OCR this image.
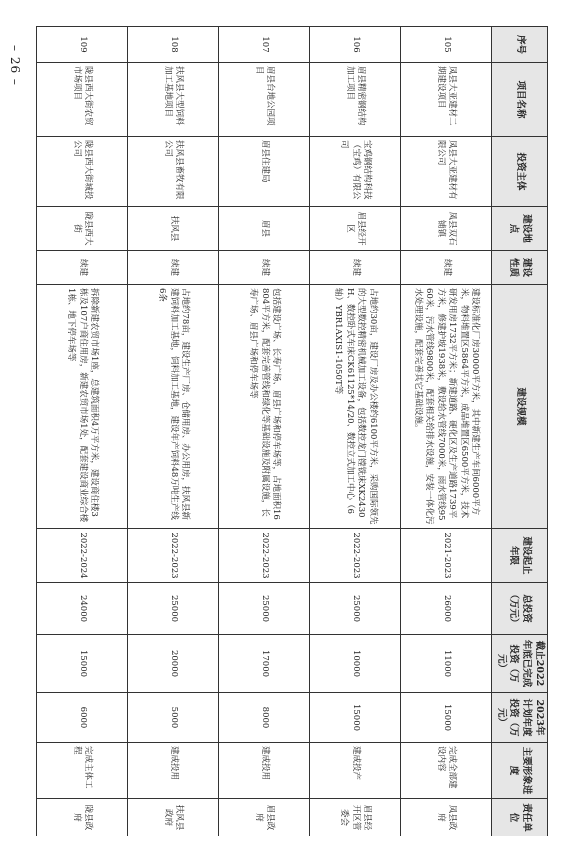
– 26 –
序号	项目名称	投资主体	建设地点	建设性质	建设规模	建设起止年限	总投资（万元）	截止2022年底已完成投资（万元）	2023年计划年度投资（万元）	主要形象进度	责任单位
105	凤县大亚建材二期建设项目	凤县大亚建材有限公司	凤县双石铺镇	续建	建设标准化厂房30000平方米，其中新建生产车间6000平方米，物料堆置区5864平方米，成品堆置区6500平方米，技术研发用房1732平方米；新建道路、硬化区及生产道路1739平方米，修建护坡1938米，敷设给水管线7000米，雨水管线9560米，污水管线9800米，配套相关给排水设施，安装一体化污水处理设施，配套完善其它基础设施。	2021-2023	26000	11000	15000	完成全部建设内容	凤县政府
106	眉县精密钢结构加工项目	宝鸡钢结构科技（宝鸡）有限公司	眉县经开区	续建	占地约30亩，建设厂房及办公楼约6100平方米，采购国际领先的大型数控精密机械加工设备，包括数控龙门镗铣床XK2430H、数控卧式车床CK61125*14/20、数控立式加工中心（6轴）YBR1AXIS1-1050T等	2022-2023	25000	10000	15000	建成投产	眉县经开区管委会
107	眉县台地公园项目	眉县住建局	眉县	续建	包括建设广场、长寿广场、眉县广场和停车场等，占地面积16804平方米，配套完善管线和绿化等基础设施及附属设施，长寿广场、眉县广场和停车场等	2022-2023	25000	17000	8000	建成投用	眉县政府
108	扶风县大型饲料加工基地项目	扶风县畜牧有限公司	扶风县	续建	占地约78亩，建设生产厂房、仓储用房、办公用房，扶风县新建饲料加工基地，饲料加工基地，建设年产饲料48万吨生产线6条	2022-2023	25000	20000	5000	建成投用	扶风县政府
109	陇县西大街农贸市场项目	陇县西大街城投公司	陇县西大街	续建	拆除新建农贸市场1座，总建筑面积4万平方米，建设商住楼3栋及107户商住用房，新建农贸市场1处，配套建设商业综合楼1栋、地下停车场等	2022-2024	24000	15000	6000	完成主体工程	陇县政府
